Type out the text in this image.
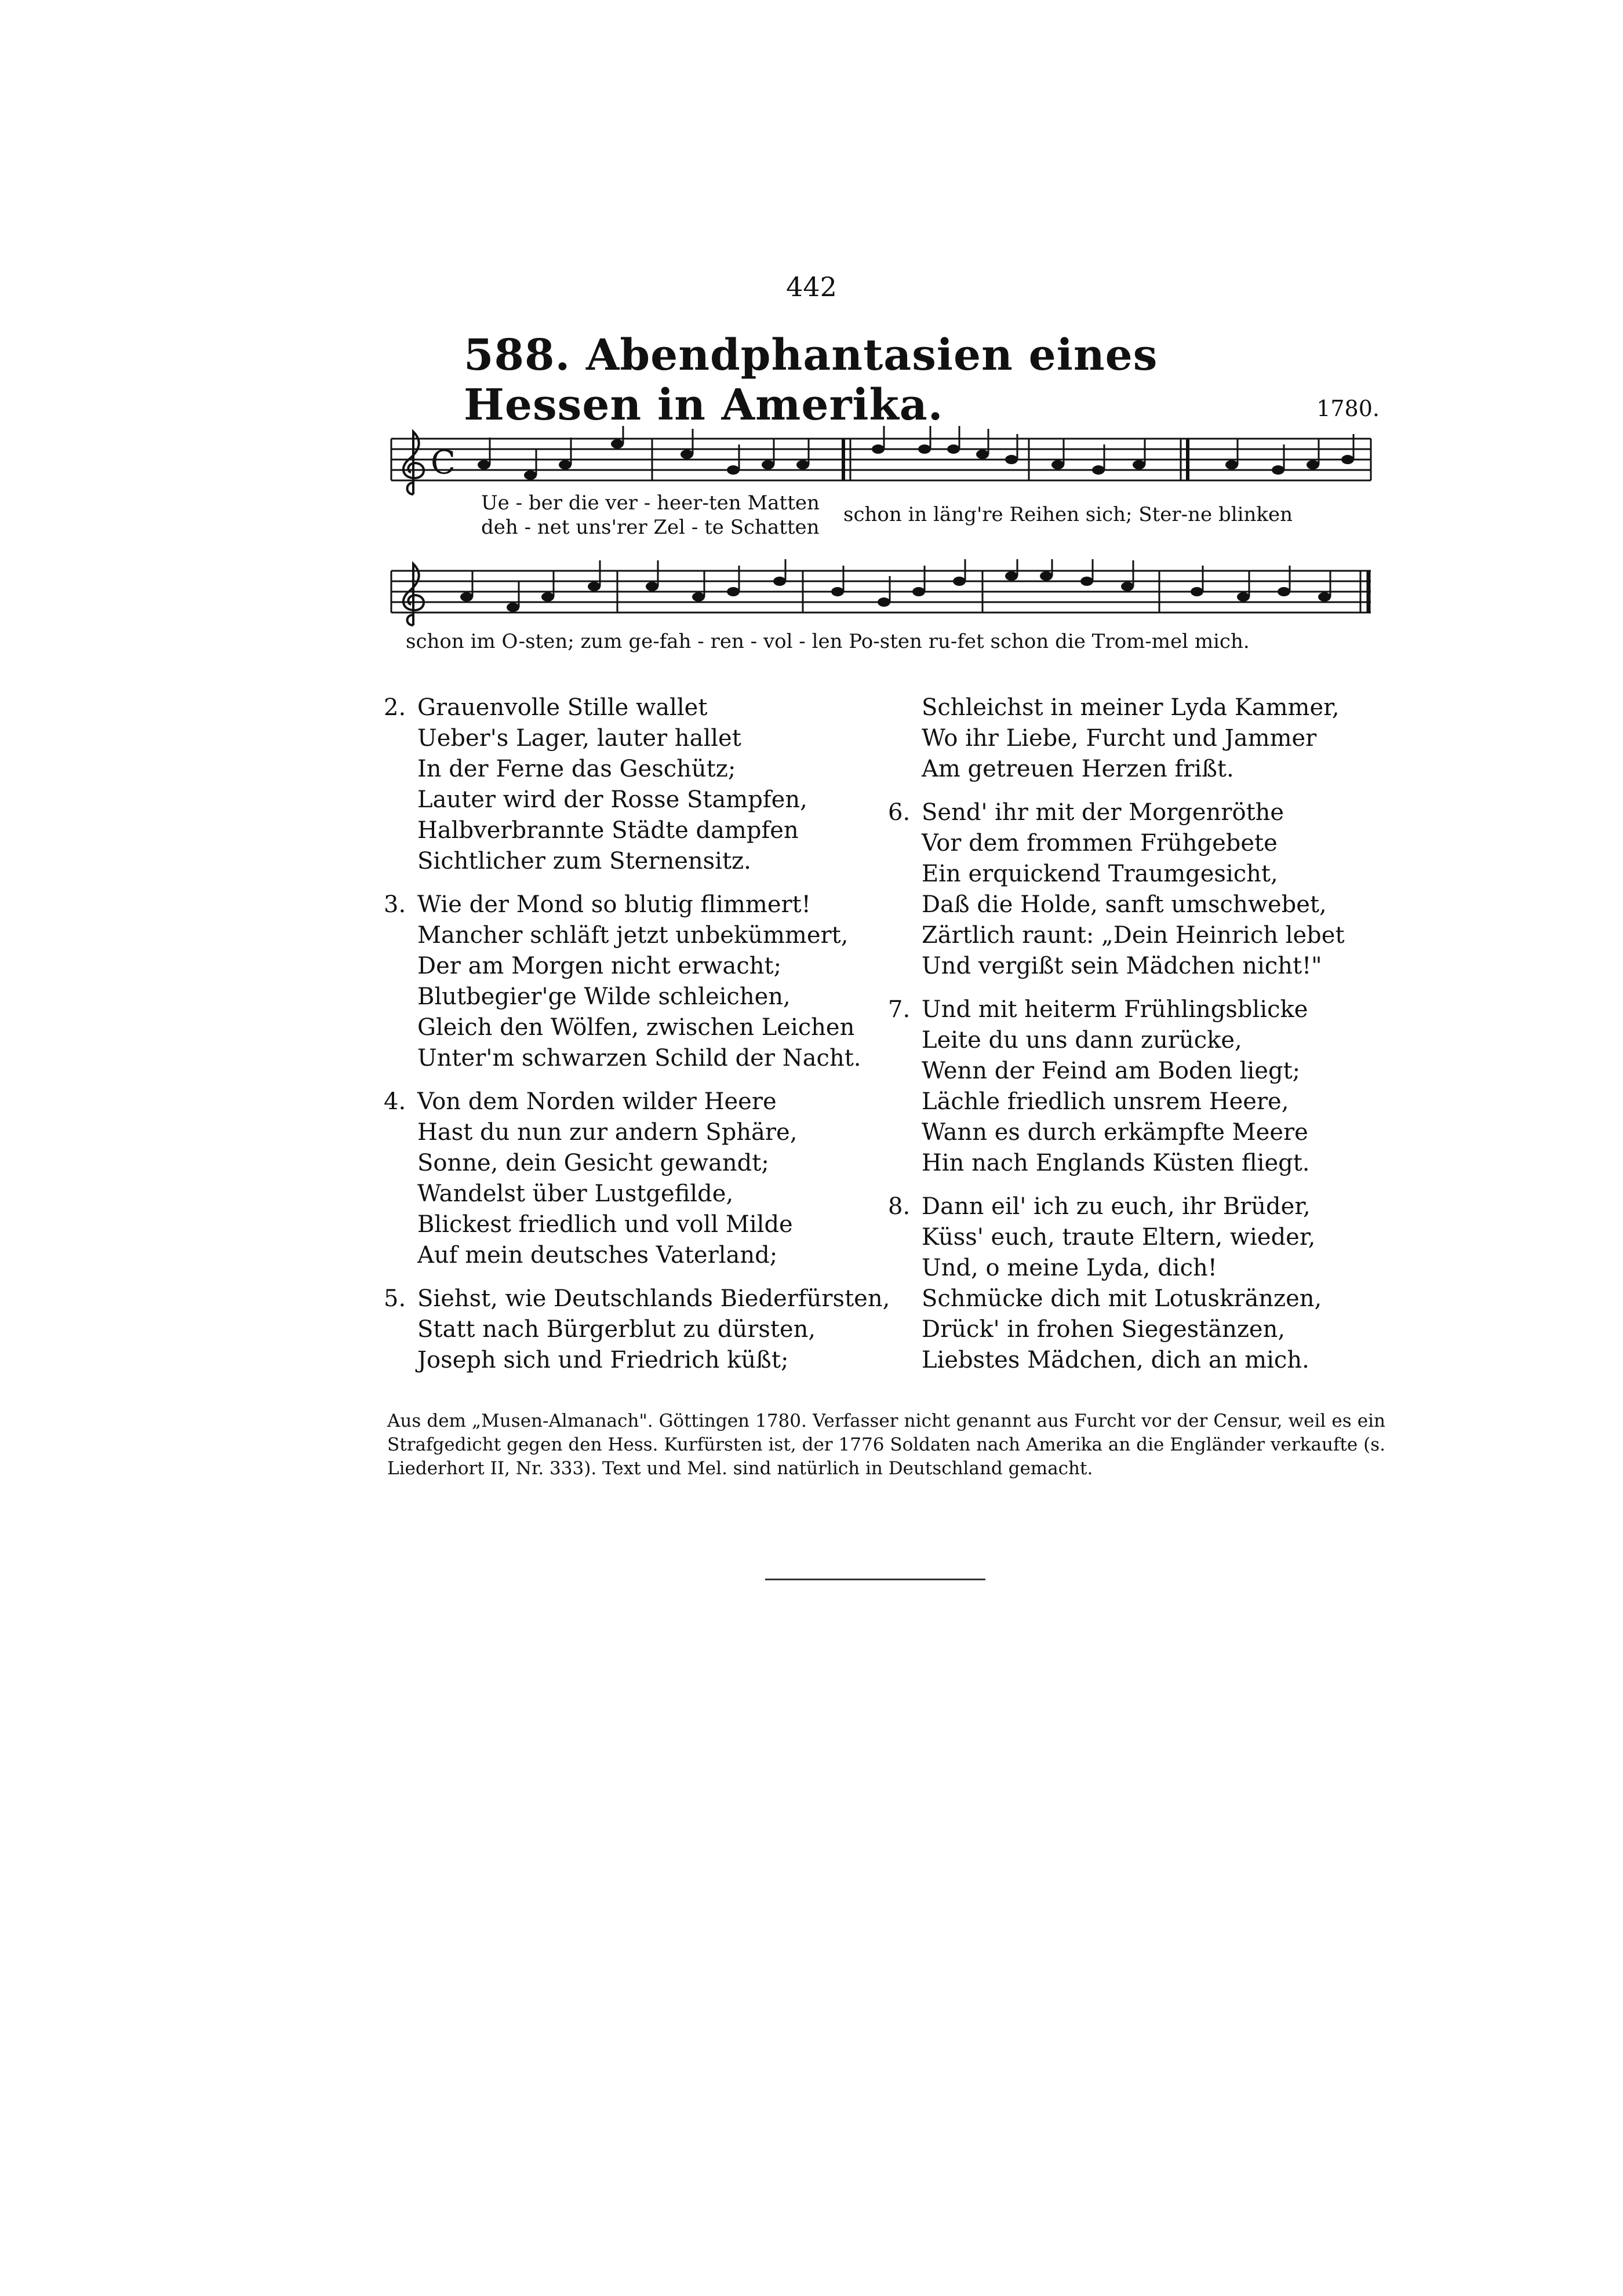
442
588. Abendphantasien eines Hessen in Amerika.	1780.
C
Ue - ber die ver - heer-ten Matten
deh - net uns'rer Zel - te Schatten
schon in läng're Reihen sich; Ster-ne blinken
schon im O-sten; zum ge-fah - ren - vol - len Po-sten ru-fet schon die Trom-mel mich.
2. Grauenvolle Stille wallet
Ueber's Lager, lauter hallet
In der Ferne das Geschütz;
Lauter wird der Rosse Stampfen,
Halbverbrannte Städte dampfen
Sichtlicher zum Sternensitz.
3. Wie der Mond so blutig flimmert!
Mancher schläft jetzt unbekümmert,
Der am Morgen nicht erwacht;
Blutbegier'ge Wilde schleichen,
Gleich den Wölfen, zwischen Leichen
Unter'm schwarzen Schild der Nacht.
4. Von dem Norden wilder Heere
Hast du nun zur andern Sphäre,
Sonne, dein Gesicht gewandt;
Wandelst über Lustgefilde,
Blickest friedlich und voll Milde
Auf mein deutsches Vaterland;
5. Siehst, wie Deutschlands Biederfürsten,
Statt nach Bürgerblut zu dürsten,
Joseph sich und Friedrich küßt;
Schleichst in meiner Lyda Kammer,
Wo ihr Liebe, Furcht und Jammer
Am getreuen Herzen frißt.
6. Send' ihr mit der Morgenröthe
Vor dem frommen Frühgebete
Ein erquickend Traumgesicht,
Daß die Holde, sanft umschwebet,
Zärtlich raunt: „Dein Heinrich lebet
Und vergißt sein Mädchen nicht!"
7. Und mit heiterm Frühlingsblicke
Leite du uns dann zurücke,
Wenn der Feind am Boden liegt;
Lächle friedlich unsrem Heere,
Wann es durch erkämpfte Meere
Hin nach Englands Küsten fliegt.
8. Dann eil' ich zu euch, ihr Brüder,
Küss' euch, traute Eltern, wieder,
Und, o meine Lyda, dich!
Schmücke dich mit Lotuskränzen,
Drück' in frohen Siegestänzen,
Liebstes Mädchen, dich an mich.
Aus dem „Musen-Almanach". Göttingen 1780. Verfasser nicht genannt aus Furcht vor der Censur, weil es ein Strafgedicht gegen den Hess. Kurfürsten ist, der 1776 Soldaten nach Amerika an die Engländer verkaufte (s. Liederhort II, Nr. 333). Text und Mel. sind natürlich in Deutschland gemacht.
